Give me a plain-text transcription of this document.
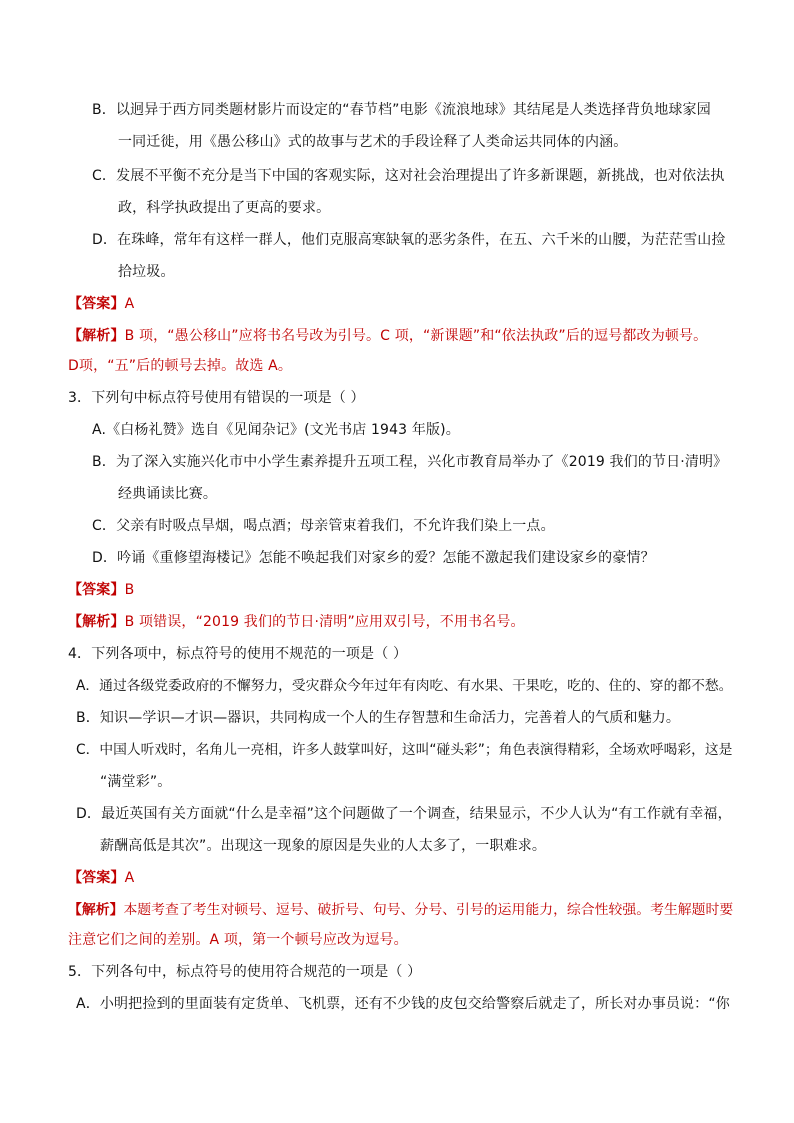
B．以迥异于西方同类题材影片而设定的“春节档”电影《流浪地球》其结尾是人类选择背负地球家园
一同迁徙，用《愚公移山》式的故事与艺术的手段诠释了人类命运共同体的内涵。
C．发展不平衡不充分是当下中国的客观实际，这对社会治理提出了许多新课题，新挑战，也对依法执
政，科学执政提出了更高的要求。
D．在珠峰，常年有这样一群人，他们克服高寒缺氧的恶劣条件，在五、六千米的山腰，为茫茫雪山捡
拾垃圾。
【答案】A
【解析】B 项，“愚公移山”应将书名号改为引号。C 项，“新课题”和“依法执政”后的逗号都改为顿号。
D项，“五”后的顿号去掉。故选 A。
3．下列句中标点符号使用有错误的一项是（ ）
A.《白杨礼赞》选自《见闻杂记》(文光书店 1943 年版)。
B．为了深入实施兴化市中小学生素养提升五项工程，兴化市教育局举办了《2019 我们的节日·清明》
经典诵读比赛。
C．父亲有时吸点旱烟，喝点酒；母亲管束着我们，不允许我们染上一点。
D．吟诵《重修望海楼记》怎能不唤起我们对家乡的爱？怎能不激起我们建设家乡的豪情？
【答案】B
【解析】B 项错误，“2019 我们的节日·清明”应用双引号，不用书名号。
4．下列各项中，标点符号的使用不规范的一项是（ ）
A．通过各级党委政府的不懈努力，受灾群众今年过年有肉吃、有水果、干果吃，吃的、住的、穿的都不愁。
B．知识—学识—才识—器识，共同构成一个人的生存智慧和生命活力，完善着人的气质和魅力。
C．中国人听戏时，名角儿一亮相，许多人鼓掌叫好，这叫“碰头彩”；角色表演得精彩，全场欢呼喝彩，这是
“满堂彩”。
D．最近英国有关方面就“什么是幸福”这个问题做了一个调查，结果显示，不少人认为“有工作就有幸福，
薪酬高低是其次”。出现这一现象的原因是失业的人太多了，一职难求。
【答案】A
【解析】本题考查了考生对顿号、逗号、破折号、句号、分号、引号的运用能力，综合性较强。考生解题时要
注意它们之间的差别。A 项，第一个顿号应改为逗号。
5．下列各句中，标点符号的使用符合规范的一项是（ ）
A．小明把捡到的里面装有定货单、飞机票，还有不少钱的皮包交给警察后就走了，所长对办事员说：“你
